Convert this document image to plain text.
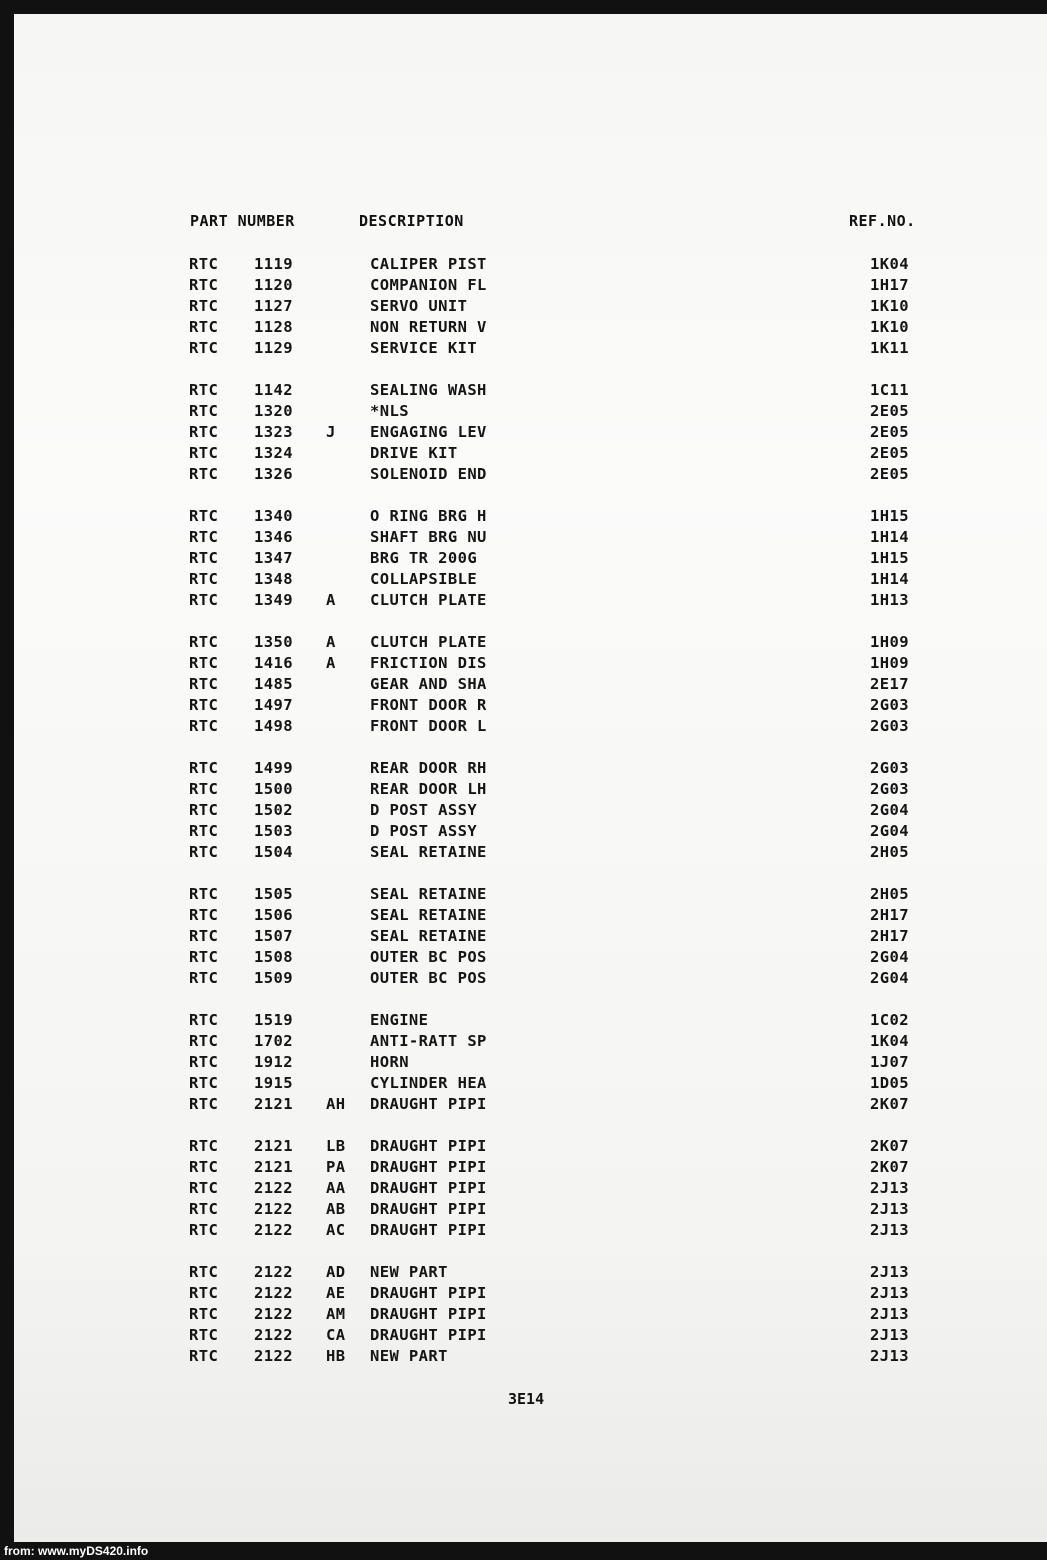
PART NUMBER	DESCRIPTION	REF.NO.
RTC 1119	CALIPER PIST	1K04
RTC 1120	COMPANION FL	1H17
RTC 1127	SERVO UNIT	1K10
RTC 1128	NON RETURN V	1K10
RTC 1129	SERVICE KIT	1K11
RTC 1142	SEALING WASH	1C11
RTC 1320	*NLS	2E05
RTC 1323 J ENGAGING LEV	2E05
RTC 1324	DRIVE KIT	2E05
RTC 1326	SOLENOID END	2E05
RTC 1340	O RING BRG H	1H15
RTC 1346	SHAFT BRG NU	1H14
RTC 1347	BRG TR 200G	1H15
RTC 1348	COLLAPSIBLE	1H14
RTC 1349 A CLUTCH PLATE	1H13
RTC 1350 A CLUTCH PLATE	1H09
RTC 1416 A FRICTION DIS	1H09
RTC 1485	GEAR AND SHA	2E17
RTC 1497	FRONT DOOR R	2G03
RTC 1498	FRONT DOOR L	2G03
RTC 1499	REAR DOOR RH	2G03
RTC 1500	REAR DOOR LH	2G03
RTC 1502	D POST ASSY	2G04
RTC 1503	D POST ASSY	2G04
RTC 1504	SEAL RETAINE	2H05
RTC 1505	SEAL RETAINE	2H05
RTC 1506	SEAL RETAINE	2H17
RTC 1507	SEAL RETAINE	2H17
RTC 1508	OUTER BC POS	2G04
RTC 1509	OUTER BC POS	2G04
RTC 1519	ENGINE	1C02
RTC 1702	ANTI-RATT SP	1K04
RTC 1912	HORN	1J07
RTC 1915	CYLINDER HEA	1D05
RTC 2121 AH DRAUGHT PIPI	2K07
RTC 2121 LB DRAUGHT PIPI	2K07
RTC 2121 PA DRAUGHT PIPI	2K07
RTC 2122 AA DRAUGHT PIPI	2J13
RTC 2122 AB DRAUGHT PIPI	2J13
RTC 2122 AC DRAUGHT PIPI	2J13
RTC 2122 AD NEW PART	2J13
RTC 2122 AE DRAUGHT PIPI	2J13
RTC 2122 AM DRAUGHT PIPI	2J13
RTC 2122 CA DRAUGHT PIPI	2J13
RTC 2122 HB NEW PART	2J13
3E14
from: www.myDS420.info
